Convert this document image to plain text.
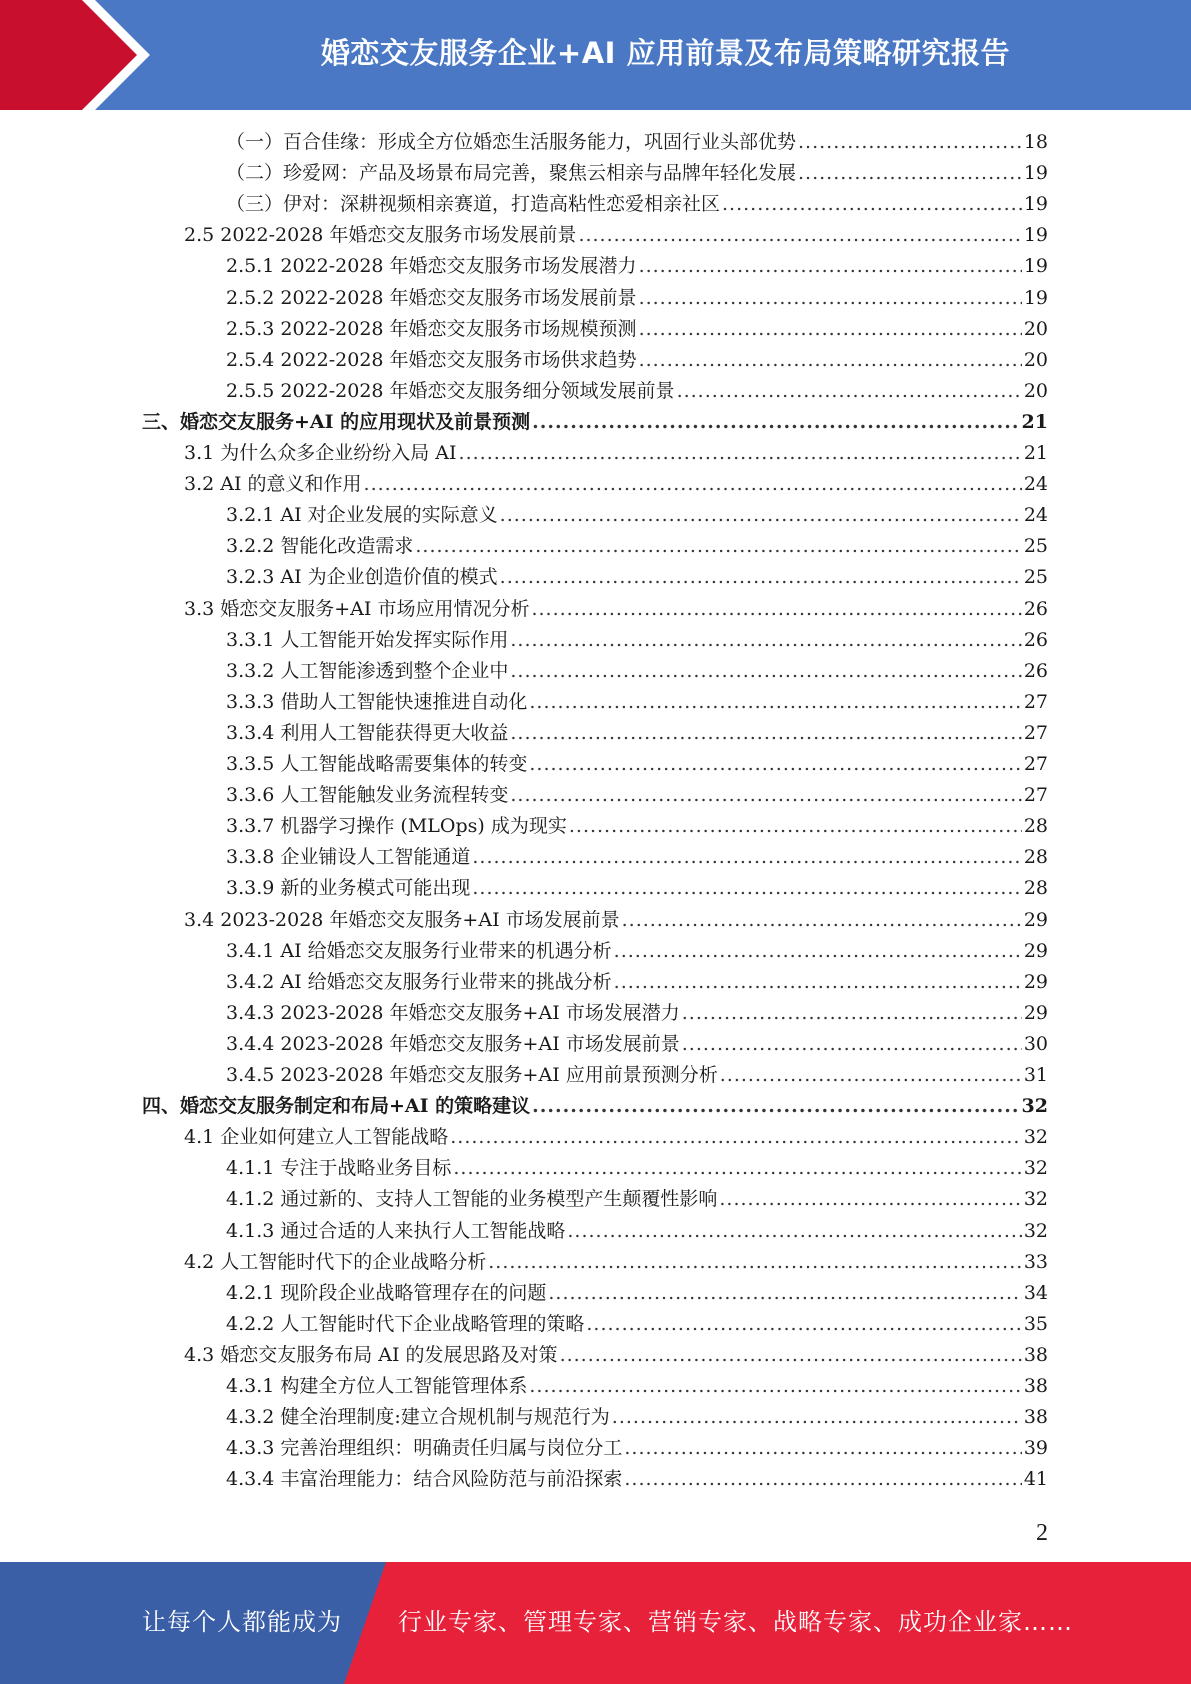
婚恋交友服务企业+AI 应用前景及布局策略研究报告
（一）百合佳缘：形成全方位婚恋生活服务能力，巩固行业头部优势 .....	18
（二）珍爱网：产品及场景布局完善，聚焦云相亲与品牌年轻化发展 .....	19
（三）伊对：深耕视频相亲赛道，打造高粘性恋爱相亲社区 .....	19
2.5 2022-2028 年婚恋交友服务市场发展前景 .....	19
2.5.1 2022-2028 年婚恋交友服务市场发展潜力 .....	19
2.5.2 2022-2028 年婚恋交友服务市场发展前景 .....	19
2.5.3 2022-2028 年婚恋交友服务市场规模预测 .....	20
2.5.4 2022-2028 年婚恋交友服务市场供求趋势 .....	20
2.5.5 2022-2028 年婚恋交友服务细分领域发展前景 .....	20
三、婚恋交友服务+AI 的应用现状及前景预测 .....	21
3.1 为什么众多企业纷纷入局 AI .....	21
3.2 AI 的意义和作用 .....	24
3.2.1 AI 对企业发展的实际意义 .....	24
3.2.2 智能化改造需求 .....	25
3.2.3 AI 为企业创造价值的模式 .....	25
3.3 婚恋交友服务+AI 市场应用情况分析 .....	26
3.3.1 人工智能开始发挥实际作用 .....	26
3.3.2 人工智能渗透到整个企业中 .....	26
3.3.3 借助人工智能快速推进自动化 .....	27
3.3.4 利用人工智能获得更大收益 .....	27
3.3.5 人工智能战略需要集体的转变 .....	27
3.3.6 人工智能触发业务流程转变 .....	27
3.3.7 机器学习操作 (MLOps) 成为现实 .....	28
3.3.8 企业铺设人工智能通道 .....	28
3.3.9 新的业务模式可能出现 .....	28
3.4 2023-2028 年婚恋交友服务+AI 市场发展前景 .....	29
3.4.1 AI 给婚恋交友服务行业带来的机遇分析 .....	29
3.4.2 AI 给婚恋交友服务行业带来的挑战分析 .....	29
3.4.3 2023-2028 年婚恋交友服务+AI 市场发展潜力 .....	29
3.4.4 2023-2028 年婚恋交友服务+AI 市场发展前景 .....	30
3.4.5 2023-2028 年婚恋交友服务+AI 应用前景预测分析 .....	31
四、婚恋交友服务制定和布局+AI 的策略建议 .....	32
4.1 企业如何建立人工智能战略 .....	32
4.1.1 专注于战略业务目标 .....	32
4.1.2 通过新的、支持人工智能的业务模型产生颠覆性影响 .....	32
4.1.3 通过合适的人来执行人工智能战略 .....	32
4.2 人工智能时代下的企业战略分析 .....	33
4.2.1 现阶段企业战略管理存在的问题 .....	34
4.2.2 人工智能时代下企业战略管理的策略 .....	35
4.3 婚恋交友服务布局 AI 的发展思路及对策 .....	38
4.3.1 构建全方位人工智能管理体系 .....	38
4.3.2 健全治理制度:建立合规机制与规范行为 .....	38
4.3.3 完善治理组织：明确责任归属与岗位分工 .....	39
4.3.4 丰富治理能力：结合风险防范与前沿探索 .....	41
2
让每个人都能成为 行业专家、管理专家、营销专家、战略专家、成功企业家……
